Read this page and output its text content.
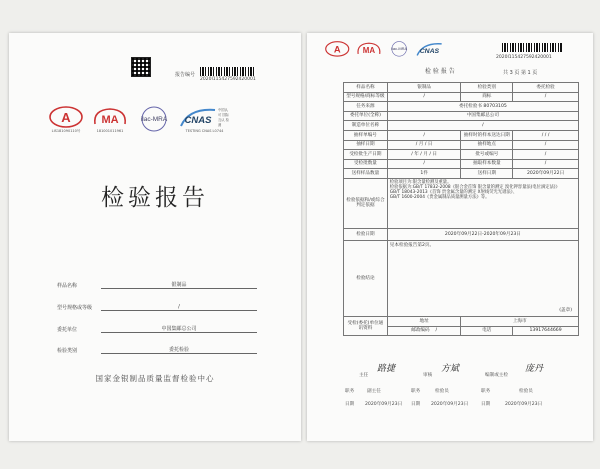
报告编号
2020I115427592420001
A
LIS181090110号
MA
181001011961
ilac-MRA CNAS
中国认可 国际互认 检测
TESTING CNAS L0744
检验报告
样品名称	银制品
型号规格或等级	/
委托单位	中国集邮总公司
检验类别	委托检验
国家金银制品质量监督检验中心
A MA ilac-MRA CNAS
2020I115427592420001
检 验 报 告	共 3 页 第 1 页
样品名称	银制品	检验类别	委托检验
型号规格/商标等级	/	商标	/
任务来源	委托检验书 80703105		
委托单位(全称)	中国集邮总公司		
制造单位名称	/		
抽样单编号	/	抽样时的样本送达日期	/ / /
抽样日期	/ 月 / 日	抽样地点	/
受检批生产日期	/ 年 / 月 / 日	批号或编号	/
受检批数量	/	抽取样本数量	/
送样样品数量	1件	送样日期	2020年09月22日
检验依据和/或综合判定依据	检验项目为:银含量检测及重量。
检验依据为:GB/T 17832-2008《银合金首饰 银含量的测定 溴化钾容量法(电位滴定法)》
GB/T 18043-2013《首饰 贵金属含量的测定 X射线荧光光谱法》、
GB/T 1600-2004《贵金属制品质量测量方法》等。		

检验日期	2020年09月22日-2020年09月23日		
检验结论	见本检验报告第2页。
(盖章)		

受检(委托)单位通讯资料	地址	上海市	
	邮政编码 /	电话	13917644669
主任	审核	编制或主检
路捷	方斌	庞丹
职务	副主任	职务	检验员	职务	检验员
日期 2020年09月23日 日期 2020年09月23日	日期	2020年09月23日
